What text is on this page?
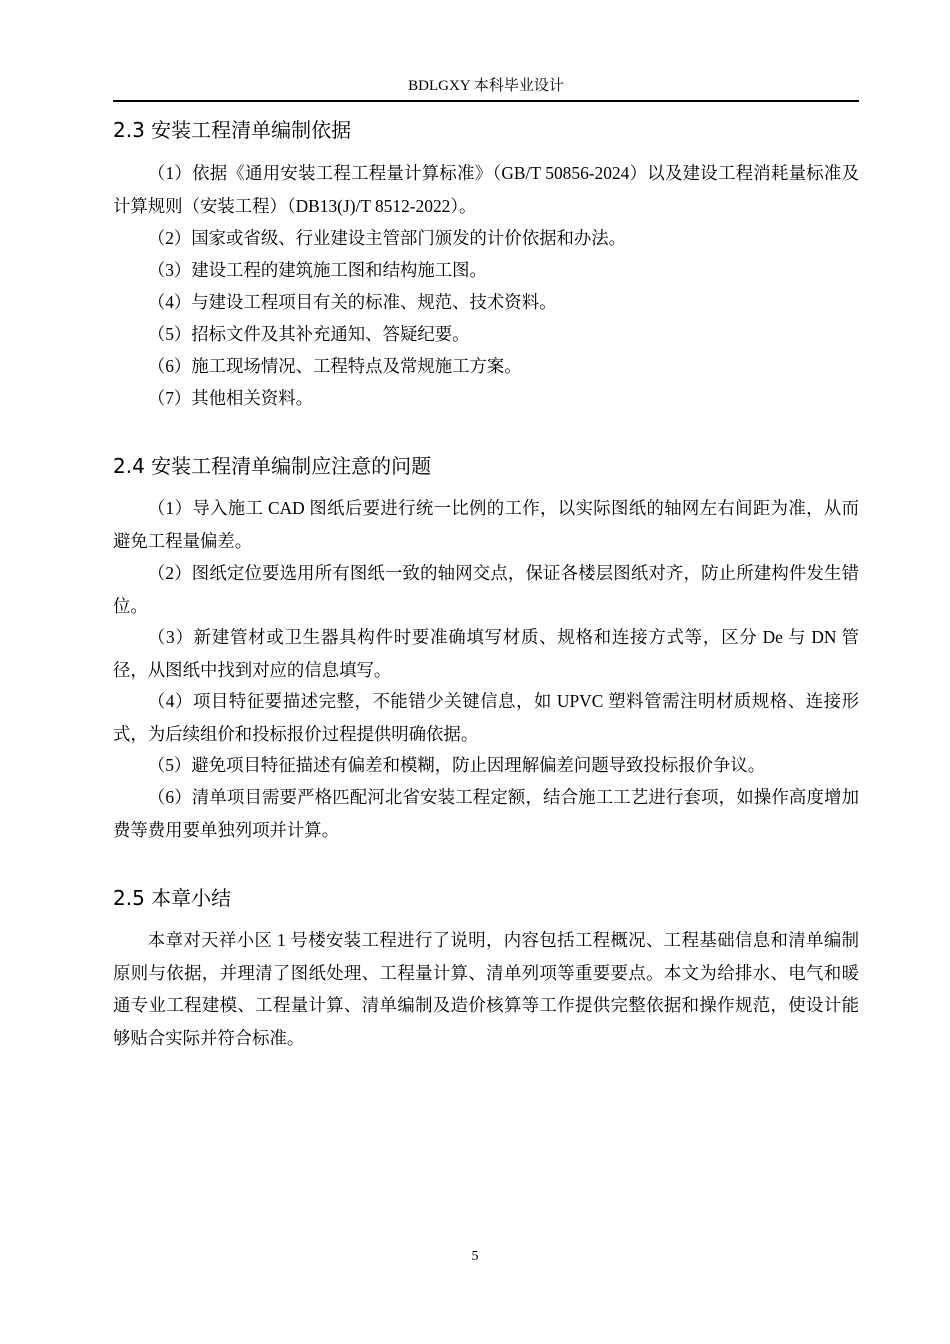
BDLGXY 本科毕业设计
2.3 安装工程清单编制依据
（1）依据《通用安装工程工程量计算标准》（GB/T 50856-2024）以及建设工程消耗量标准及计算规则（安装工程）（DB13(J)/T 8512-2022）。
（2）国家或省级、行业建设主管部门颁发的计价依据和办法。
（3）建设工程的建筑施工图和结构施工图。
（4）与建设工程项目有关的标准、规范、技术资料。
（5）招标文件及其补充通知、答疑纪要。
（6）施工现场情况、工程特点及常规施工方案。
（7）其他相关资料。
2.4 安装工程清单编制应注意的问题
（1）导入施工 CAD 图纸后要进行统一比例的工作，以实际图纸的轴网左右间距为准，从而避免工程量偏差。
（2）图纸定位要选用所有图纸一致的轴网交点，保证各楼层图纸对齐，防止所建构件发生错位。
（3）新建管材或卫生器具构件时要准确填写材质、规格和连接方式等，区分 De 与 DN 管径，从图纸中找到对应的信息填写。
（4）项目特征要描述完整，不能错少关键信息，如 UPVC 塑料管需注明材质规格、连接形式，为后续组价和投标报价过程提供明确依据。
（5）避免项目特征描述有偏差和模糊，防止因理解偏差问题导致投标报价争议。
（6）清单项目需要严格匹配河北省安装工程定额，结合施工工艺进行套项，如操作高度增加费等费用要单独列项并计算。
2.5 本章小结
本章对天祥小区 1 号楼安装工程进行了说明，内容包括工程概况、工程基础信息和清单编制原则与依据，并理清了图纸处理、工程量计算、清单列项等重要要点。本文为给排水、电气和暖通专业工程建模、工程量计算、清单编制及造价核算等工作提供完整依据和操作规范，使设计能够贴合实际并符合标准。
5
